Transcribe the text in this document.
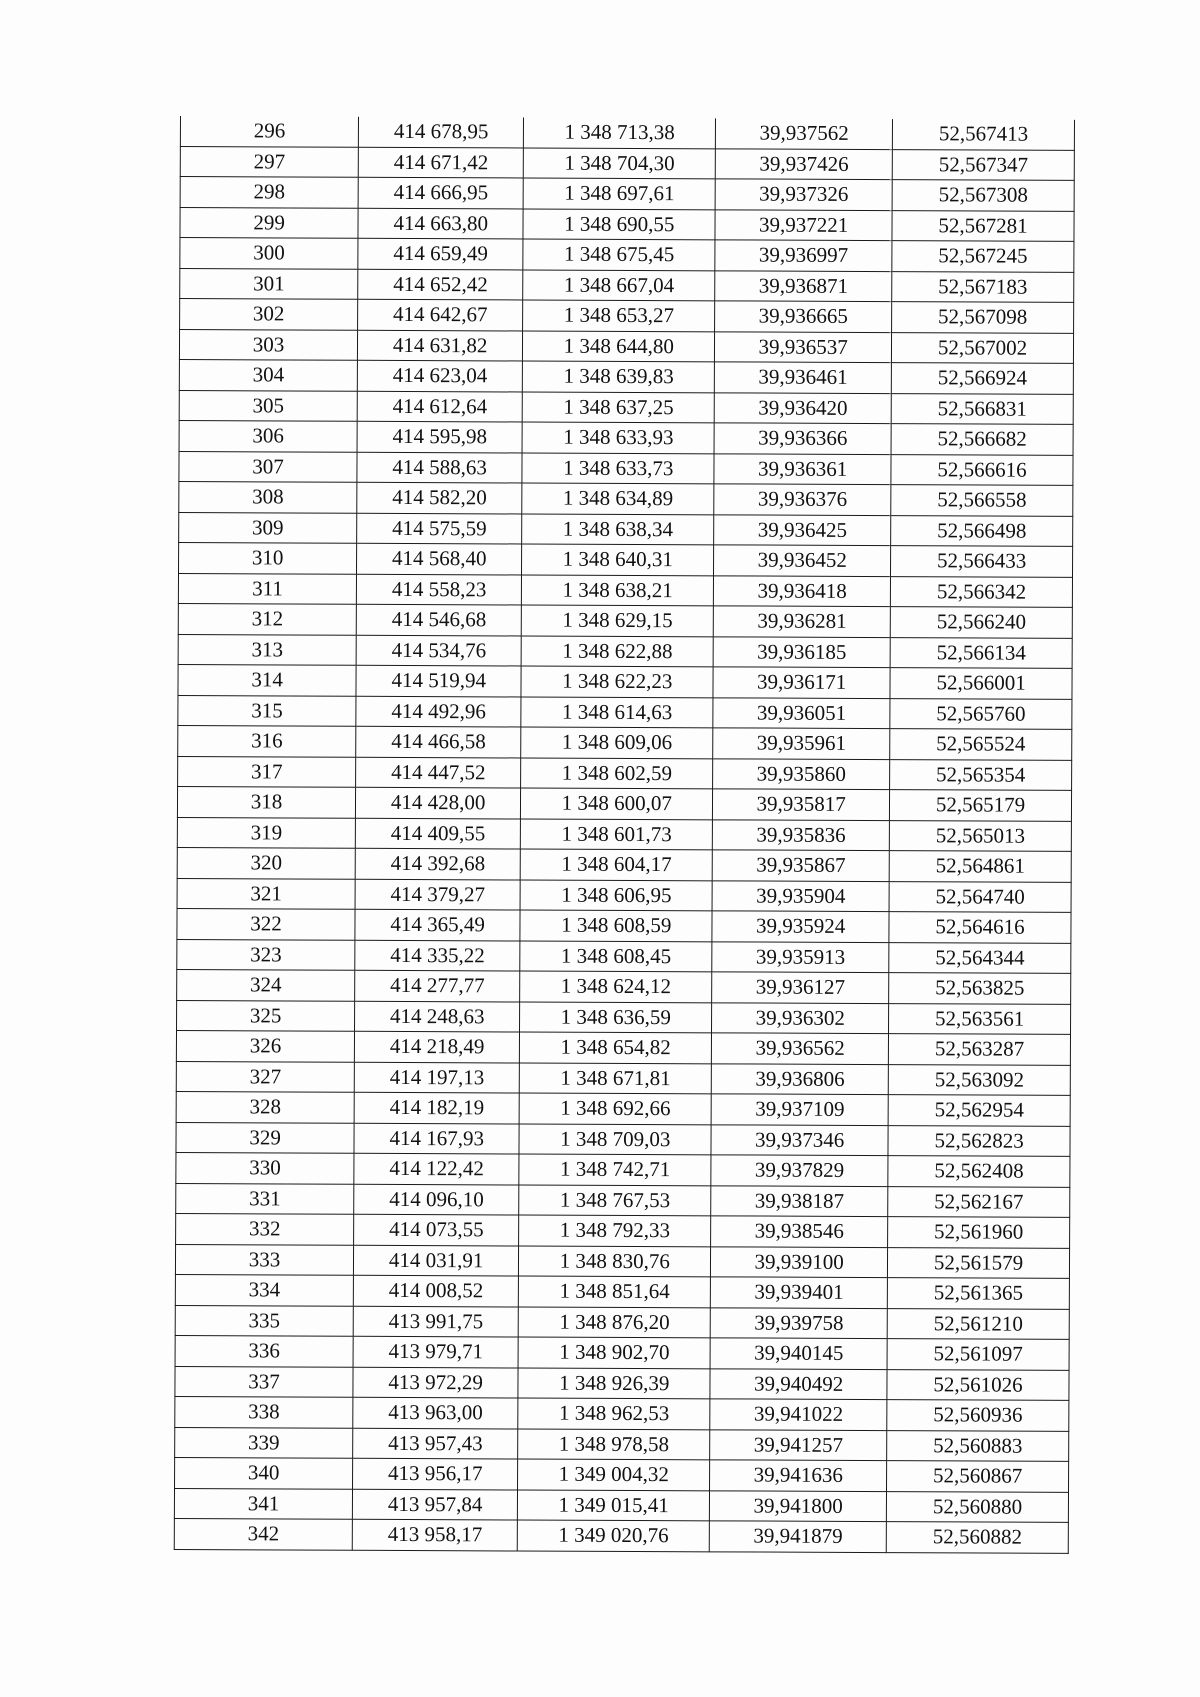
296	414 678,95	1 348 713,38	39,937562	52,567413
297	414 671,42	1 348 704,30	39,937426	52,567347
298	414 666,95	1 348 697,61	39,937326	52,567308
299	414 663,80	1 348 690,55	39,937221	52,567281
300	414 659,49	1 348 675,45	39,936997	52,567245
301	414 652,42	1 348 667,04	39,936871	52,567183
302	414 642,67	1 348 653,27	39,936665	52,567098
303	414 631,82	1 348 644,80	39,936537	52,567002
304	414 623,04	1 348 639,83	39,936461	52,566924
305	414 612,64	1 348 637,25	39,936420	52,566831
306	414 595,98	1 348 633,93	39,936366	52,566682
307	414 588,63	1 348 633,73	39,936361	52,566616
308	414 582,20	1 348 634,89	39,936376	52,566558
309	414 575,59	1 348 638,34	39,936425	52,566498
310	414 568,40	1 348 640,31	39,936452	52,566433
311	414 558,23	1 348 638,21	39,936418	52,566342
312	414 546,68	1 348 629,15	39,936281	52,566240
313	414 534,76	1 348 622,88	39,936185	52,566134
314	414 519,94	1 348 622,23	39,936171	52,566001
315	414 492,96	1 348 614,63	39,936051	52,565760
316	414 466,58	1 348 609,06	39,935961	52,565524
317	414 447,52	1 348 602,59	39,935860	52,565354
318	414 428,00	1 348 600,07	39,935817	52,565179
319	414 409,55	1 348 601,73	39,935836	52,565013
320	414 392,68	1 348 604,17	39,935867	52,564861
321	414 379,27	1 348 606,95	39,935904	52,564740
322	414 365,49	1 348 608,59	39,935924	52,564616
323	414 335,22	1 348 608,45	39,935913	52,564344
324	414 277,77	1 348 624,12	39,936127	52,563825
325	414 248,63	1 348 636,59	39,936302	52,563561
326	414 218,49	1 348 654,82	39,936562	52,563287
327	414 197,13	1 348 671,81	39,936806	52,563092
328	414 182,19	1 348 692,66	39,937109	52,562954
329	414 167,93	1 348 709,03	39,937346	52,562823
330	414 122,42	1 348 742,71	39,937829	52,562408
331	414 096,10	1 348 767,53	39,938187	52,562167
332	414 073,55	1 348 792,33	39,938546	52,561960
333	414 031,91	1 348 830,76	39,939100	52,561579
334	414 008,52	1 348 851,64	39,939401	52,561365
335	413 991,75	1 348 876,20	39,939758	52,561210
336	413 979,71	1 348 902,70	39,940145	52,561097
337	413 972,29	1 348 926,39	39,940492	52,561026
338	413 963,00	1 348 962,53	39,941022	52,560936
339	413 957,43	1 348 978,58	39,941257	52,560883
340	413 956,17	1 349 004,32	39,941636	52,560867
341	413 957,84	1 349 015,41	39,941800	52,560880
342	413 958,17	1 349 020,76	39,941879	52,560882
